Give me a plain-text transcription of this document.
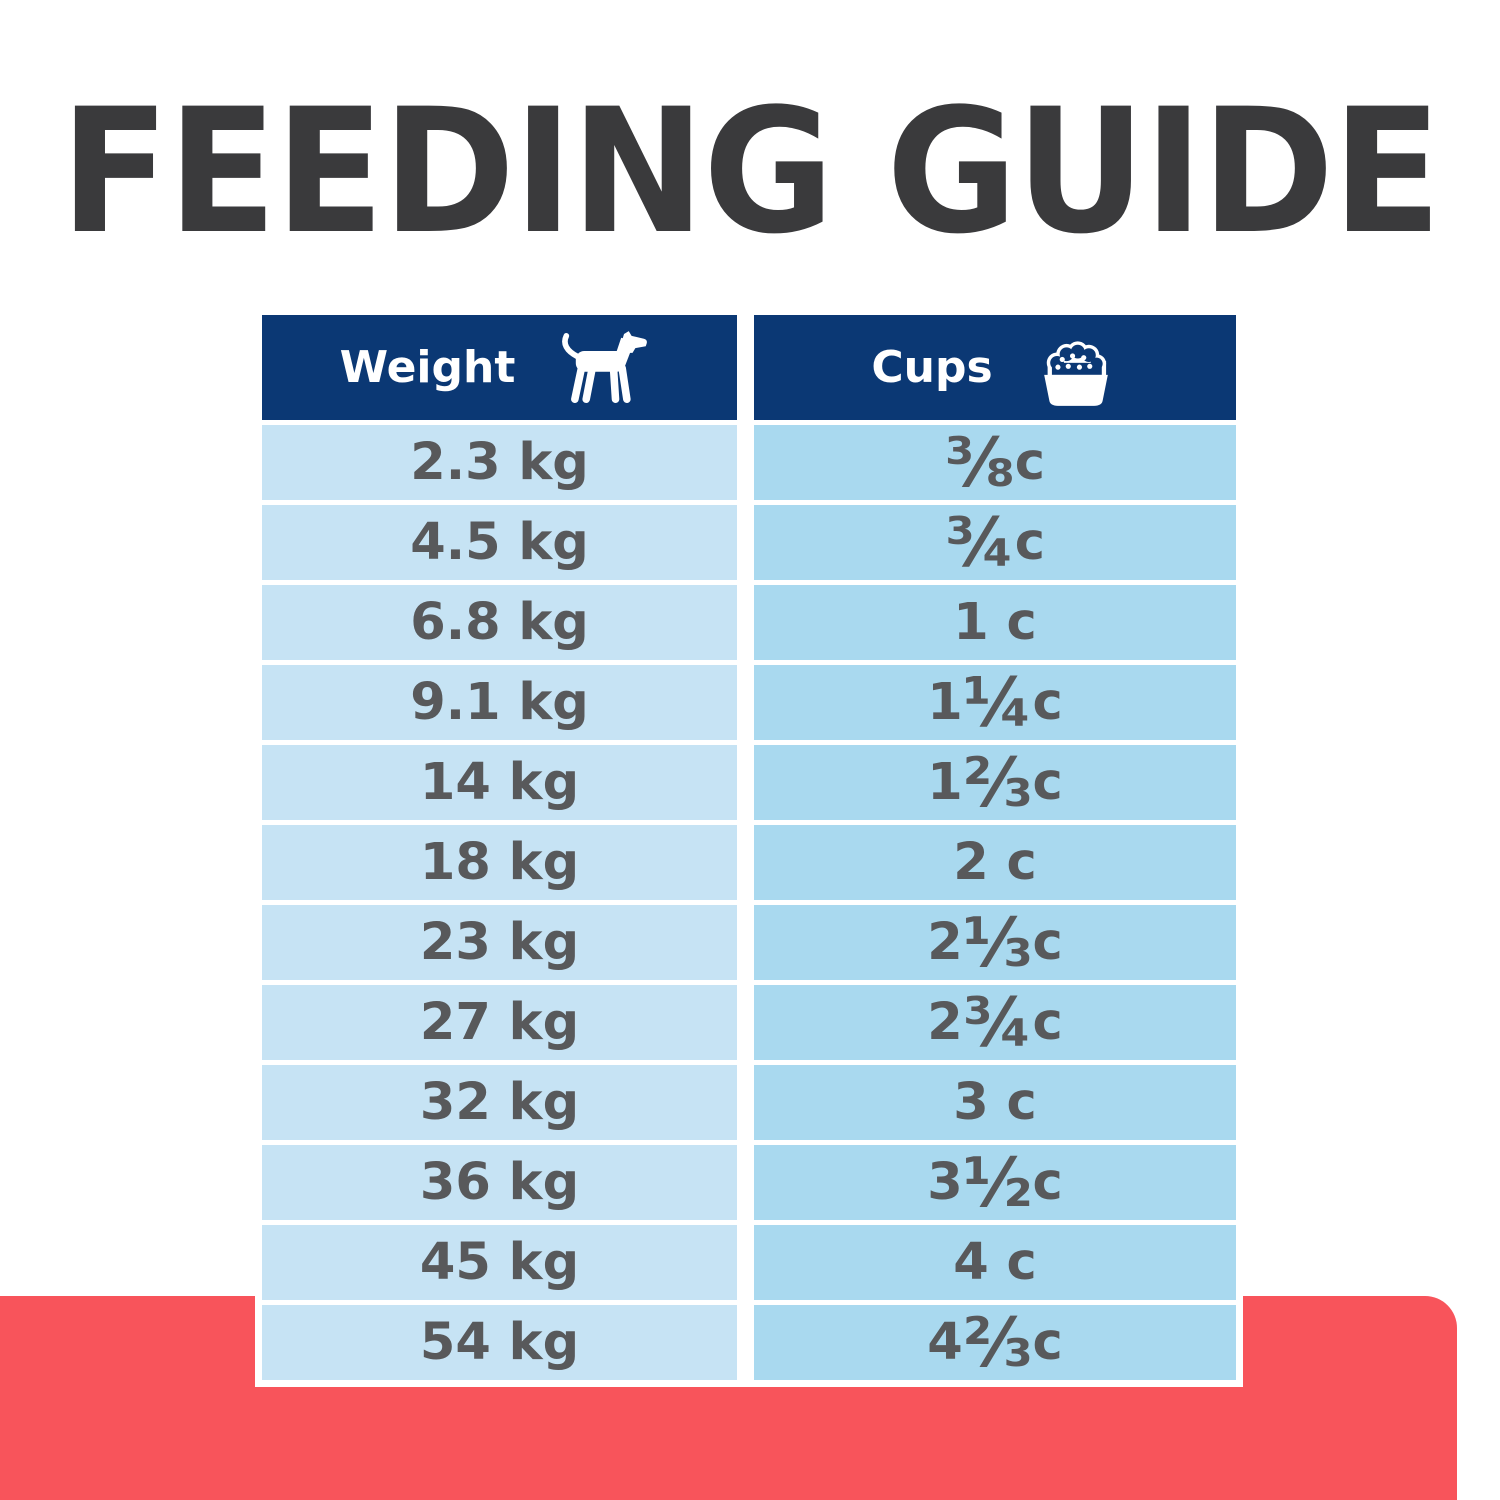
FEEDING GUIDE
Weight	Cups
2.3 kg	⅜ c
4.5 kg	¾ c
6.8 kg	1 c
9.1 kg	1 ¼ c
14 kg	1 ⅔ c
18 kg	2 c
23 kg	2 ⅓ c
27 kg	2 ¾ c
32 kg	3 c
36 kg	3 ½ c
45 kg	4 c
54 kg	4 ⅔ c
